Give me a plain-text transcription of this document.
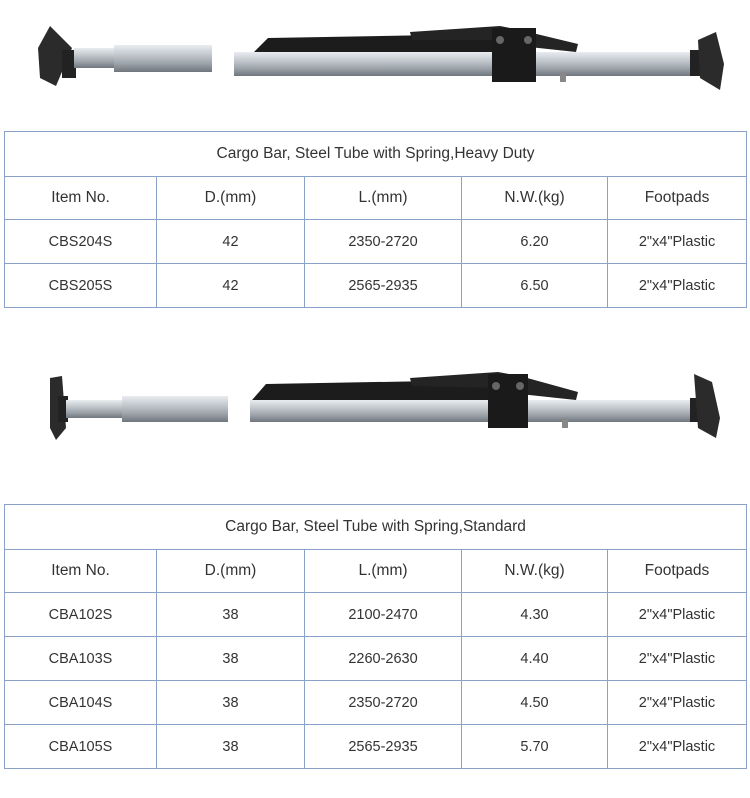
Cargo Bar, Steel Tube with Spring,Heavy Duty				
Item No.	D.(mm)	L.(mm)	N.W.(kg)	Footpads
CBS204S	42	2350-2720	6.20	2"x4"Plastic
CBS205S	42	2565-2935	6.50	2"x4"Plastic
Cargo Bar, Steel Tube with Spring,Standard				
Item No.	D.(mm)	L.(mm)	N.W.(kg)	Footpads
CBA102S	38	2100-2470	4.30	2"x4"Plastic
CBA103S	38	2260-2630	4.40	2"x4"Plastic
CBA104S	38	2350-2720	4.50	2"x4"Plastic
CBA105S	38	2565-2935	5.70	2"x4"Plastic
